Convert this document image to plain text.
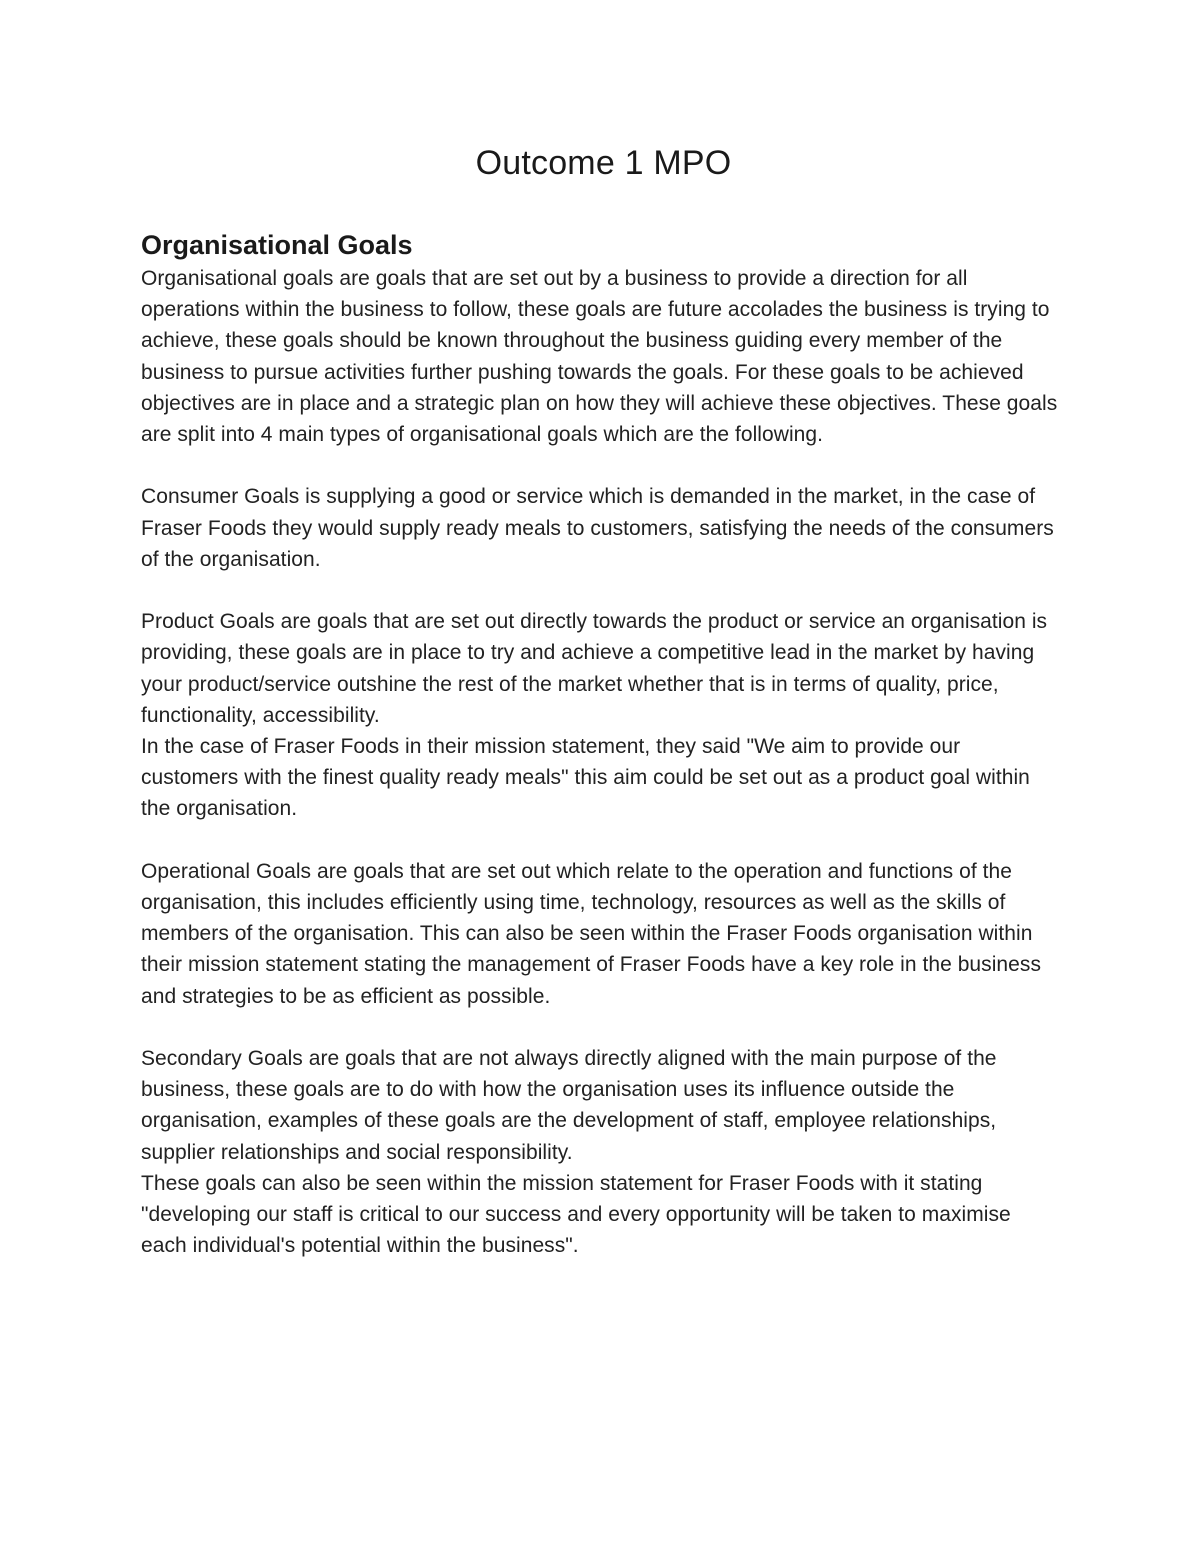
Outcome 1 MPO
Organisational Goals

Organisational goals are goals that are set out by a business to provide a direction for all operations within the business to follow, these goals are future accolades the business is trying to achieve, these goals should be known throughout the business guiding every member of the business to pursue activities further pushing towards the goals. For these goals to be achieved objectives are in place and a strategic plan on how they will achieve these objectives. These goals are split into 4 main types of organisational goals which are the following.

Consumer Goals is supplying a good or service which is demanded in the market, in the case of Fraser Foods they would supply ready meals to customers, satisfying the needs of the consumers of the organisation.

Product Goals are goals that are set out directly towards the product or service an organisation is providing, these goals are in place to try and achieve a competitive lead in the market by having your product/service outshine the rest of the market whether that is in terms of quality, price, functionality, accessibility.

In the case of Fraser Foods in their mission statement, they said "We aim to provide our customers with the finest quality ready meals" this aim could be set out as a product goal within the organisation.

Operational Goals are goals that are set out which relate to the operation and functions of the organisation, this includes efficiently using time, technology, resources as well as the skills of members of the organisation. This can also be seen within the Fraser Foods organisation within their mission statement stating the management of Fraser Foods have a key role in the business and strategies to be as efficient as possible.

Secondary Goals are goals that are not always directly aligned with the main purpose of the business, these goals are to do with how the organisation uses its influence outside the organisation, examples of these goals are the development of staff, employee relationships, supplier relationships and social responsibility.

These goals can also be seen within the mission statement for Fraser Foods with it stating "developing our staff is critical to our success and every opportunity will be taken to maximise each individual's potential within the business".
